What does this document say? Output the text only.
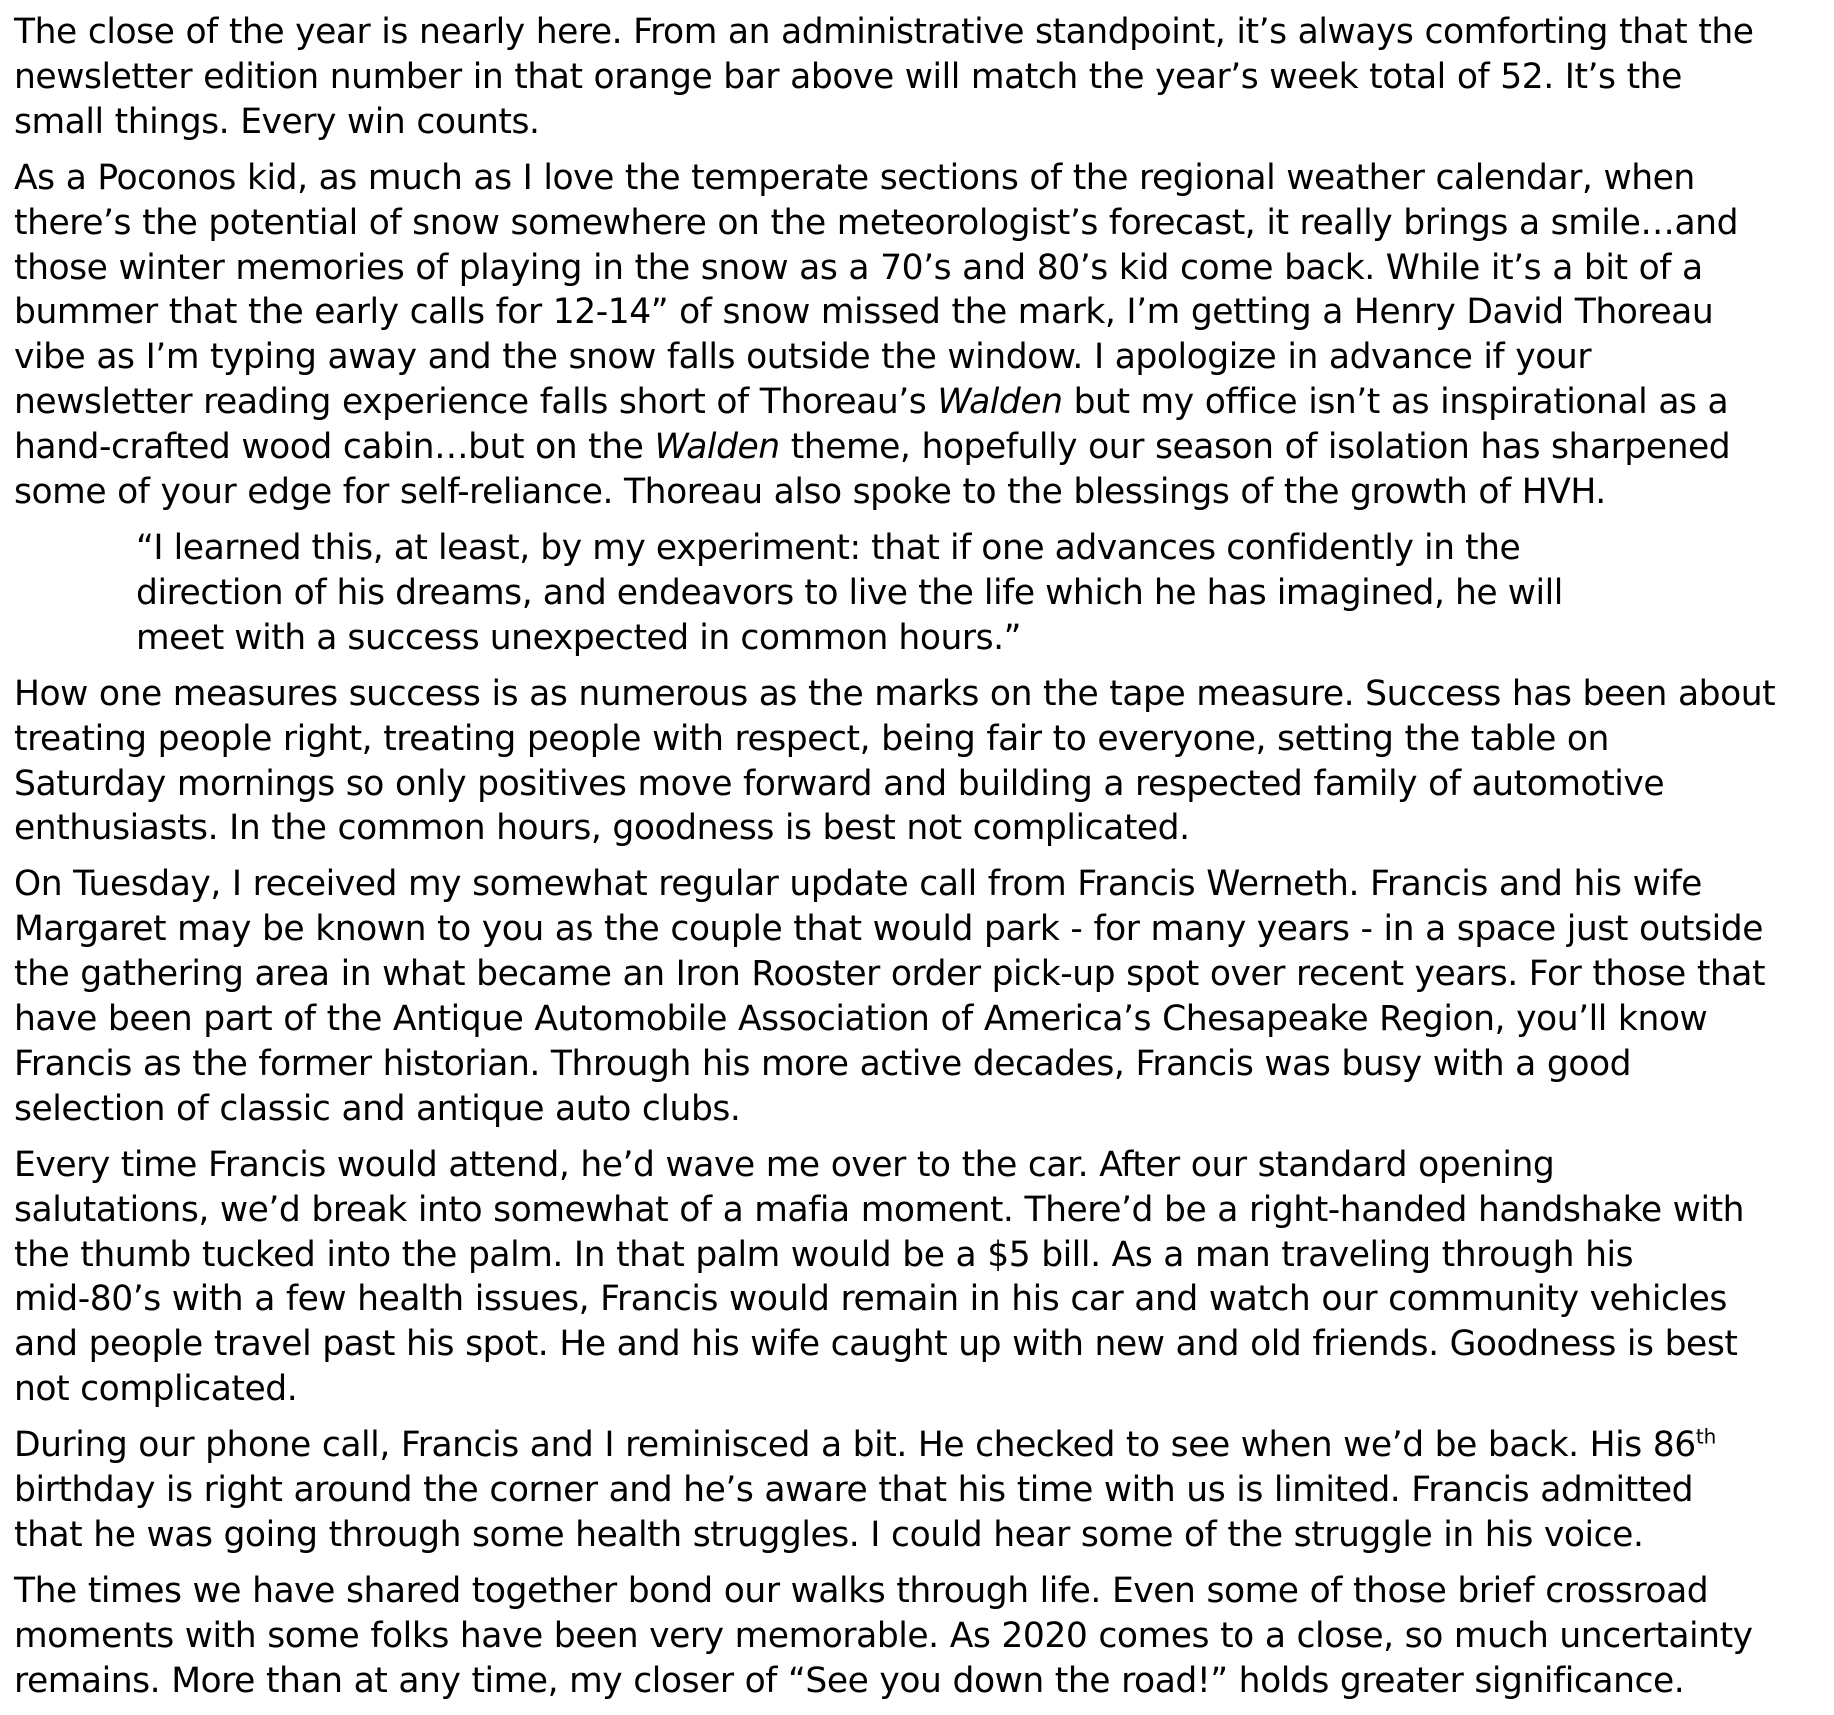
The close of the year is nearly here. From an administrative standpoint, it’s always comforting that the
newsletter edition number in that orange bar above will match the year’s week total of 52. It’s the
small things. Every win counts.

As a Poconos kid, as much as I love the temperate sections of the regional weather calendar, when
there’s the potential of snow somewhere on the meteorologist’s forecast, it really brings a smile…and
those winter memories of playing in the snow as a 70’s and 80’s kid come back. While it’s a bit of a
bummer that the early calls for 12-14” of snow missed the mark, I’m getting a Henry David Thoreau
vibe as I’m typing away and the snow falls outside the window. I apologize in advance if your
newsletter reading experience falls short of Thoreau’s Walden but my office isn’t as inspirational as a
hand-crafted wood cabin…but on the Walden theme, hopefully our season of isolation has sharpened
some of your edge for self-reliance. Thoreau also spoke to the blessings of the growth of HVH.

“I learned this, at least, by my experiment: that if one advances confidently in the
direction of his dreams, and endeavors to live the life which he has imagined, he will
meet with a success unexpected in common hours.”

How one measures success is as numerous as the marks on the tape measure. Success has been about
treating people right, treating people with respect, being fair to everyone, setting the table on
Saturday mornings so only positives move forward and building a respected family of automotive
enthusiasts. In the common hours, goodness is best not complicated.

On Tuesday, I received my somewhat regular update call from Francis Werneth. Francis and his wife
Margaret may be known to you as the couple that would park - for many years - in a space just outside
the gathering area in what became an Iron Rooster order pick-up spot over recent years. For those that
have been part of the Antique Automobile Association of America’s Chesapeake Region, you’ll know
Francis as the former historian. Through his more active decades, Francis was busy with a good
selection of classic and antique auto clubs.

Every time Francis would attend, he’d wave me over to the car. After our standard opening
salutations, we’d break into somewhat of a mafia moment. There’d be a right-handed handshake with
the thumb tucked into the palm. In that palm would be a $5 bill. As a man traveling through his
mid-80’s with a few health issues, Francis would remain in his car and watch our community vehicles
and people travel past his spot. He and his wife caught up with new and old friends. Goodness is best
not complicated.

During our phone call, Francis and I reminisced a bit. He checked to see when we’d be back. His 86th
birthday is right around the corner and he’s aware that his time with us is limited. Francis admitted
that he was going through some health struggles. I could hear some of the struggle in his voice.

The times we have shared together bond our walks through life. Even some of those brief crossroad
moments with some folks have been very memorable. As 2020 comes to a close, so much uncertainty
remains. More than at any time, my closer of “See you down the road!” holds greater significance.
